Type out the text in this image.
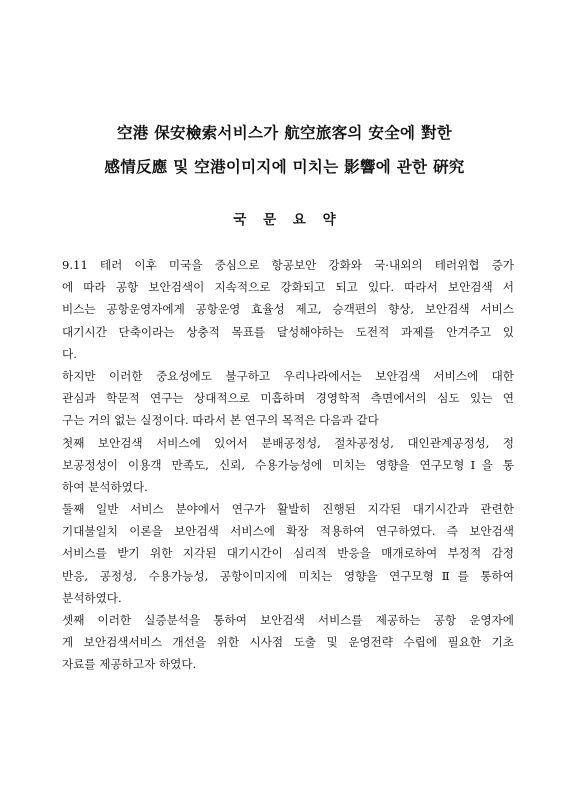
空港 保安檢索서비스가 航空旅客의 安全에 對한
感情反應 및 空港이미지에 미치는 影響에 관한 硏究
국 문 요 약
9.11 테러 이후 미국을 중심으로 항공보안 강화와 국·내외의 테러위협 증가
에 따라 공항 보안검색이 지속적으로 강화되고 되고 있다. 따라서 보안검색 서
비스는 공항운영자에게 공항운영 효율성 제고, 승객편의 향상, 보안검색 서비스
대기시간 단축이라는 상충적 목표를 달성해야하는 도전적 과제를 안겨주고 있
다.
하지만 이러한 중요성에도 불구하고 우리나라에서는 보안검색 서비스에 대한
관심과 학문적 연구는 상대적으로 미흡하며 경영학적 측면에서의 심도 있는 연
구는 거의 없는 실정이다. 따라서 본 연구의 목적은 다음과 같다
첫째 보안검색 서비스에 있어서 분배공정성, 절차공정성, 대인관계공정성, 정
보공정성이 이용객 만족도, 신뢰, 수용가능성에 미치는 영향을 연구모형Ⅰ을 통
하여 분석하였다.
둘째 일반 서비스 분야에서 연구가 활발히 진행된 지각된 대기시간과 관련한
기대불일치 이론을 보안검색 서비스에 확장 적용하여 연구하였다. 즉 보안검색
서비스를 받기 위한 지각된 대기시간이 심리적 반응을 매개로하여 부정적 감정
반응, 공정성, 수용가능성, 공항이미지에 미치는 영향을 연구모형Ⅱ를 통하여
분석하였다.
셋째 이러한 실증분석을 통하여 보안검색 서비스를 제공하는 공항 운영자에
게 보안검색서비스 개선을 위한 시사점 도출 및 운영전략 수립에 필요한 기초
자료를 제공하고자 하였다.
